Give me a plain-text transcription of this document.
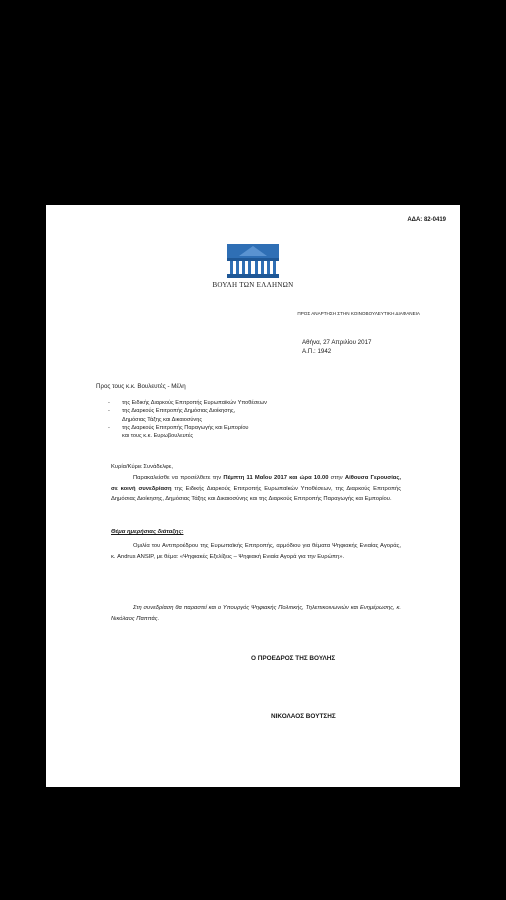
ΑΔΑ: 82-0419
ΒΟΥΛΗ ΤΩΝ ΕΛΛΗΝΩΝ
ΠΡΟΣ ΑΝΑΡΤΗΣΗ ΣΤΗΝ ΚΟΙΝΟΒΟΥΛΕΥΤΙΚΗ ΔΙΑΦΑΝΕΙΑ
Αθήνα, 27 Απριλίου 2017
Α.Π.: 1942
Προς τους κ.κ. Βουλευτές - Μέλη
- της Ειδικής Διαρκούς Επιτροπής Ευρωπαϊκών Υποθέσεων
- της Διαρκούς Επιτροπής Δημόσιας Διοίκησης,
Δημόσιας Τάξης και Δικαιοσύνης
- της Διαρκούς Επιτροπής Παραγωγής και Εμπορίου
και τους κ.κ. Ευρωβουλευτές
Κυρία/Κύριε Συνάδελφε,
Παρακαλείσθε να προσέλθετε την Πέμπτη 11 Μαΐου 2017 και ώρα 10.00 στην Αίθουσα Γερουσίας, σε κοινή συνεδρίαση της Ειδικής Διαρκούς Επιτροπής Ευρωπαϊκών Υποθέσεων, της Διαρκούς Επιτροπής Δημόσιας Διοίκησης, Δημόσιας Τάξης και Δικαιοσύνης και της Διαρκούς Επιτροπής Παραγωγής και Εμπορίου.
Θέμα ημερήσιας διάταξης:
Ομιλία του Αντιπροέδρου της Ευρωπαϊκής Επιτροπής, αρμόδιου για θέματα Ψηφιακής Ενιαίας Αγοράς, κ. Andrus ANSIP, με θέμα: «Ψηφιακές Εξελίξεις – Ψηφιακή Ενιαία Αγορά για την Ευρώπη».
Στη συνεδρίαση θα παραστεί και ο Υπουργός Ψηφιακής Πολιτικής, Τηλεπικοινωνιών και Ενημέρωσης, κ. Νικόλαος Παππάς.
Ο ΠΡΟΕΔΡΟΣ ΤΗΣ ΒΟΥΛΗΣ
ΝΙΚΟΛΑΟΣ ΒΟΥΤΣΗΣ
